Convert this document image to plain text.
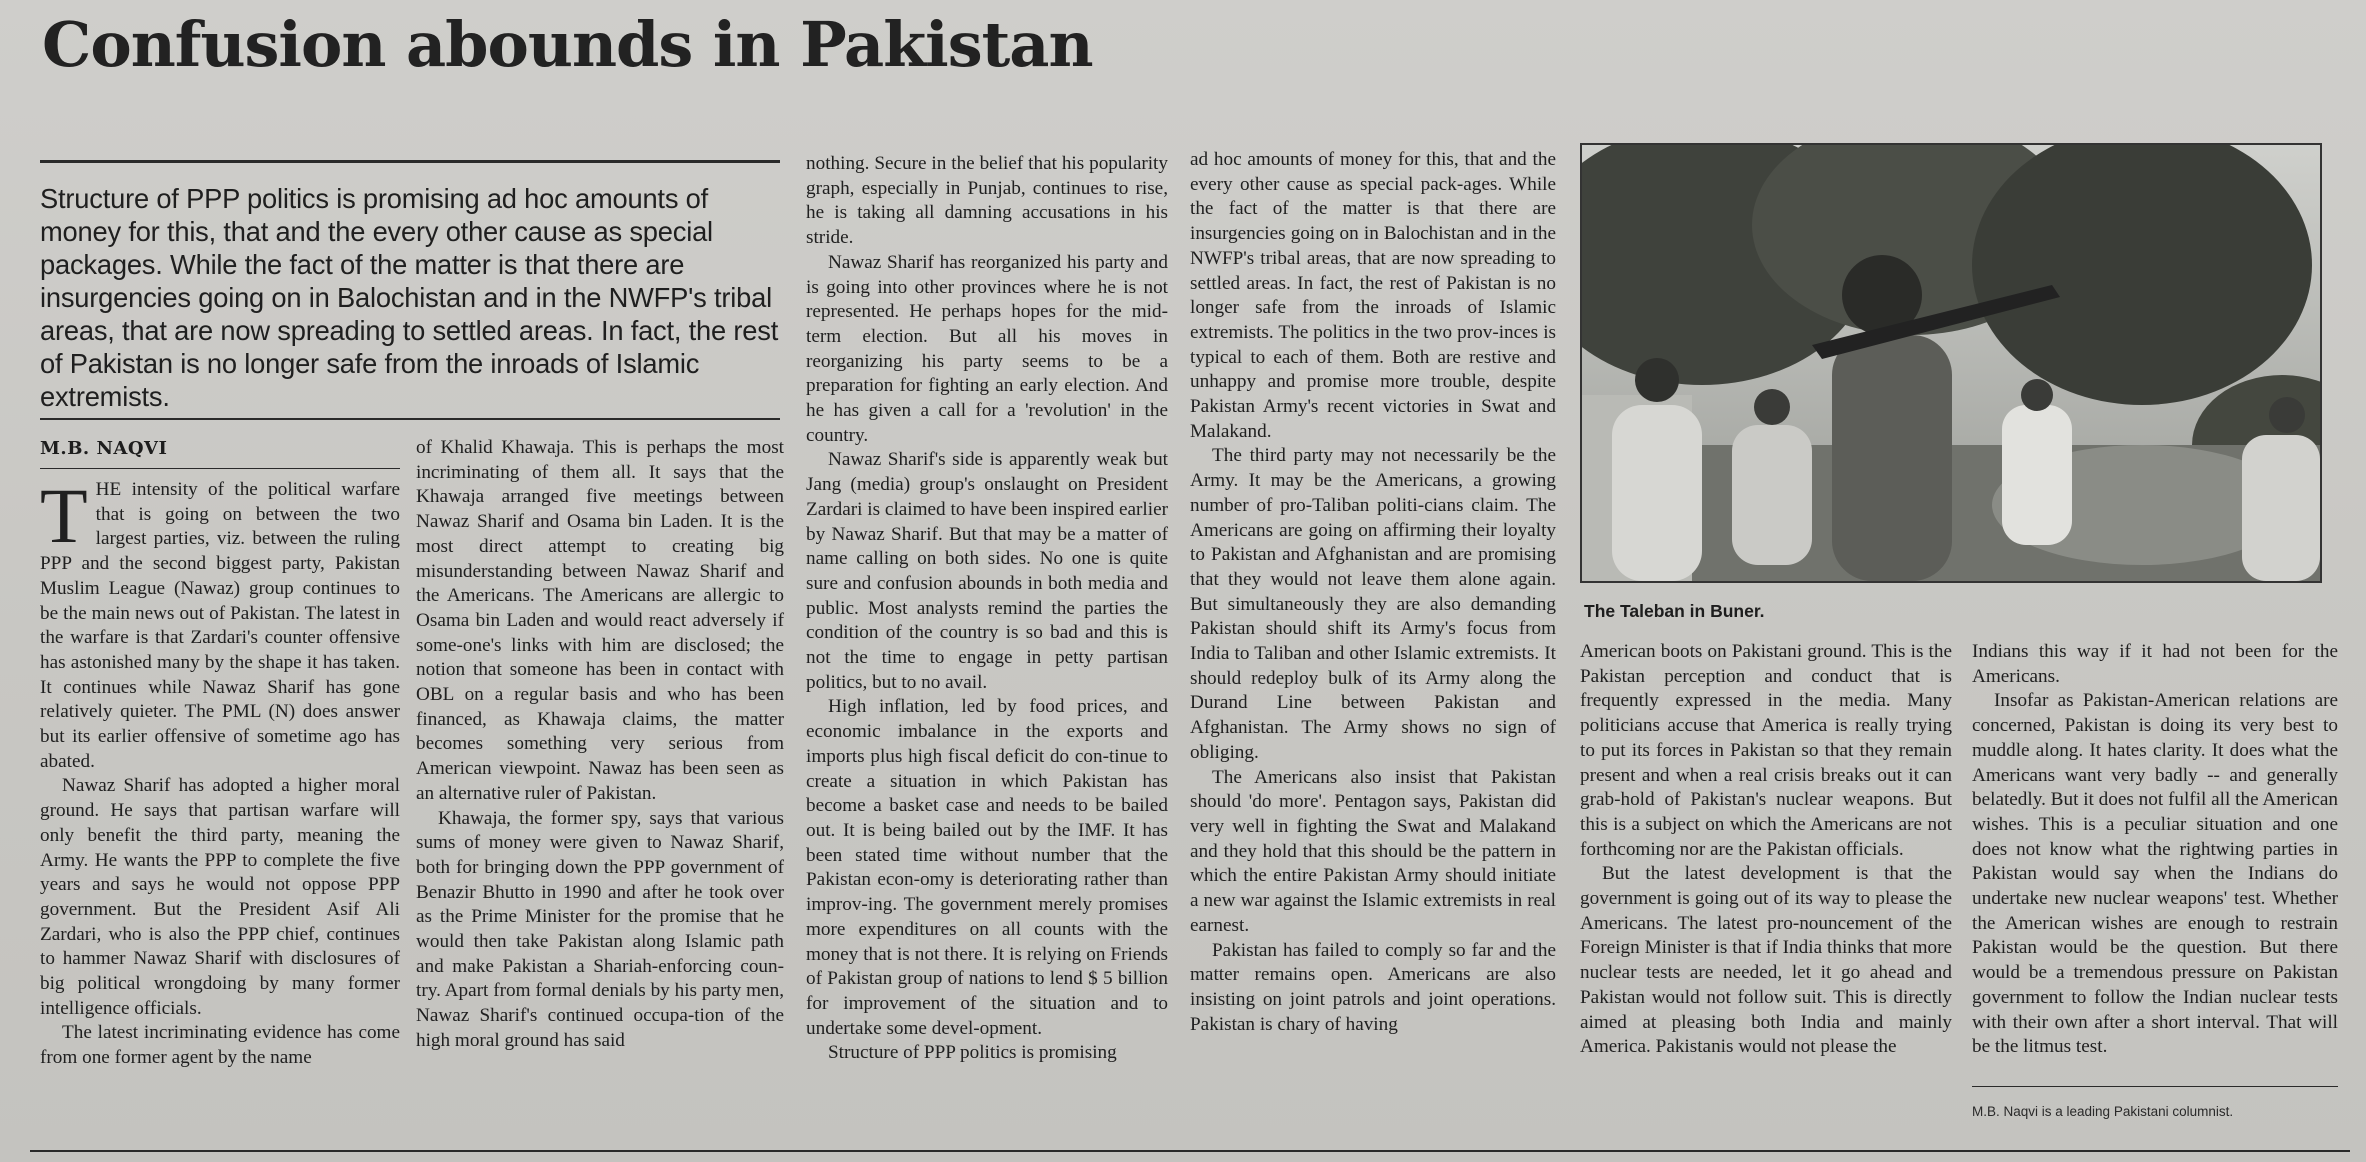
Confusion abounds in Pakistan

Structure of PPP politics is promising ad hoc amounts of money for this, that and the every other cause as special packages. While the fact of the matter is that there are insurgencies going on in Balochistan and in the NWFP's tribal areas, that are now spreading to settled areas. In fact, the rest of Pakistan is no longer safe from the inroads of Islamic extremists.

M.B. NAQVI

THE intensity of the political warfare that is going on between the two largest parties, viz. between the ruling PPP and the second biggest party, Pakistan Muslim League (Nawaz) group continues to be the main news out of Pakistan. The latest in the warfare is that Zardari's counter offensive has astonished many by the shape it has taken. It continues while Nawaz Sharif has gone relatively quieter. The PML (N) does answer but its earlier offensive of sometime ago has abated.

Nawaz Sharif has adopted a higher moral ground. He says that partisan warfare will only benefit the third party, meaning the Army. He wants the PPP to complete the five years and says he would not oppose PPP government. But the President Asif Ali Zardari, who is also the PPP chief, continues to hammer Nawaz Sharif with disclosures of big political wrongdoing by many former intelligence officials.

The latest incriminating evidence has come from one former agent by the name

of Khalid Khawaja. This is perhaps the most incriminating of them all. It says that the Khawaja arranged five meetings between Nawaz Sharif and Osama bin Laden. It is the most direct attempt to creating big misunderstanding between Nawaz Sharif and the Americans. The Americans are allergic to Osama bin Laden and would react adversely if some-one's links with him are disclosed; the notion that someone has been in contact with OBL on a regular basis and who has been financed, as Khawaja claims, the matter becomes something very serious from American viewpoint. Nawaz has been seen as an alternative ruler of Pakistan.

Khawaja, the former spy, says that various sums of money were given to Nawaz Sharif, both for bringing down the PPP government of Benazir Bhutto in 1990 and after he took over as the Prime Minister for the promise that he would then take Pakistan along Islamic path and make Pakistan a Shariah-enforcing coun-try. Apart from formal denials by his party men, Nawaz Sharif's continued occupa-tion of the high moral ground has said

nothing. Secure in the belief that his popularity graph, especially in Punjab, continues to rise, he is taking all damning accusations in his stride.

Nawaz Sharif has reorganized his party and is going into other provinces where he is not represented. He perhaps hopes for the mid-term election. But all his moves in reorganizing his party seems to be a preparation for fighting an early election. And he has given a call for a 'revolution' in the country.

Nawaz Sharif's side is apparently weak but Jang (media) group's onslaught on President Zardari is claimed to have been inspired earlier by Nawaz Sharif. But that may be a matter of name calling on both sides. No one is quite sure and confusion abounds in both media and public. Most analysts remind the parties the condition of the country is so bad and this is not the time to engage in petty partisan politics, but to no avail.

High inflation, led by food prices, and economic imbalance in the exports and imports plus high fiscal deficit do con-tinue to create a situation in which Pakistan has become a basket case and needs to be bailed out. It is being bailed out by the IMF. It has been stated time without number that the Pakistan econ-omy is deteriorating rather than improv-ing. The government merely promises more expenditures on all counts with the money that is not there. It is relying on Friends of Pakistan group of nations to lend $ 5 billion for improvement of the situation and to undertake some devel-opment.

Structure of PPP politics is promising

ad hoc amounts of money for this, that and the every other cause as special pack-ages. While the fact of the matter is that there are insurgencies going on in Balochistan and in the NWFP's tribal areas, that are now spreading to settled areas. In fact, the rest of Pakistan is no longer safe from the inroads of Islamic extremists. The politics in the two prov-inces is typical to each of them. Both are restive and unhappy and promise more trouble, despite Pakistan Army's recent victories in Swat and Malakand.

The third party may not necessarily be the Army. It may be the Americans, a growing number of pro-Taliban politi-cians claim. The Americans are going on affirming their loyalty to Pakistan and Afghanistan and are promising that they would not leave them alone again. But simultaneously they are also demanding Pakistan should shift its Army's focus from India to Taliban and other Islamic extremists. It should redeploy bulk of its Army along the Durand Line between Pakistan and Afghanistan. The Army shows no sign of obliging.

The Americans also insist that Pakistan should 'do more'. Pentagon says, Pakistan did very well in fighting the Swat and Malakand and they hold that this should be the pattern in which the entire Pakistan Army should initiate a new war against the Islamic extremists in real earnest.

Pakistan has failed to comply so far and the matter remains open. Americans are also insisting on joint patrols and joint operations. Pakistan is chary of having

The Taleban in Buner.

American boots on Pakistani ground. This is the Pakistan perception and conduct that is frequently expressed in the media. Many politicians accuse that America is really trying to put its forces in Pakistan so that they remain present and when a real crisis breaks out it can grab-hold of Pakistan's nuclear weapons. But this is a subject on which the Americans are not forthcoming nor are the Pakistan officials.

But the latest development is that the government is going out of its way to please the Americans. The latest pro-nouncement of the Foreign Minister is that if India thinks that more nuclear tests are needed, let it go ahead and Pakistan would not follow suit. This is directly aimed at pleasing both India and mainly America. Pakistanis would not please the

Indians this way if it had not been for the Americans.

Insofar as Pakistan-American relations are concerned, Pakistan is doing its very best to muddle along. It hates clarity. It does what the Americans want very badly -- and generally belatedly. But it does not fulfil all the American wishes. This is a peculiar situation and one does not know what the rightwing parties in Pakistan would say when the Indians do undertake new nuclear weapons' test. Whether the American wishes are enough to restrain Pakistan would be the question. But there would be a tremendous pressure on Pakistan government to follow the Indian nuclear tests with their own after a short interval. That will be the litmus test.

M.B. Naqvi is a leading Pakistani columnist.
